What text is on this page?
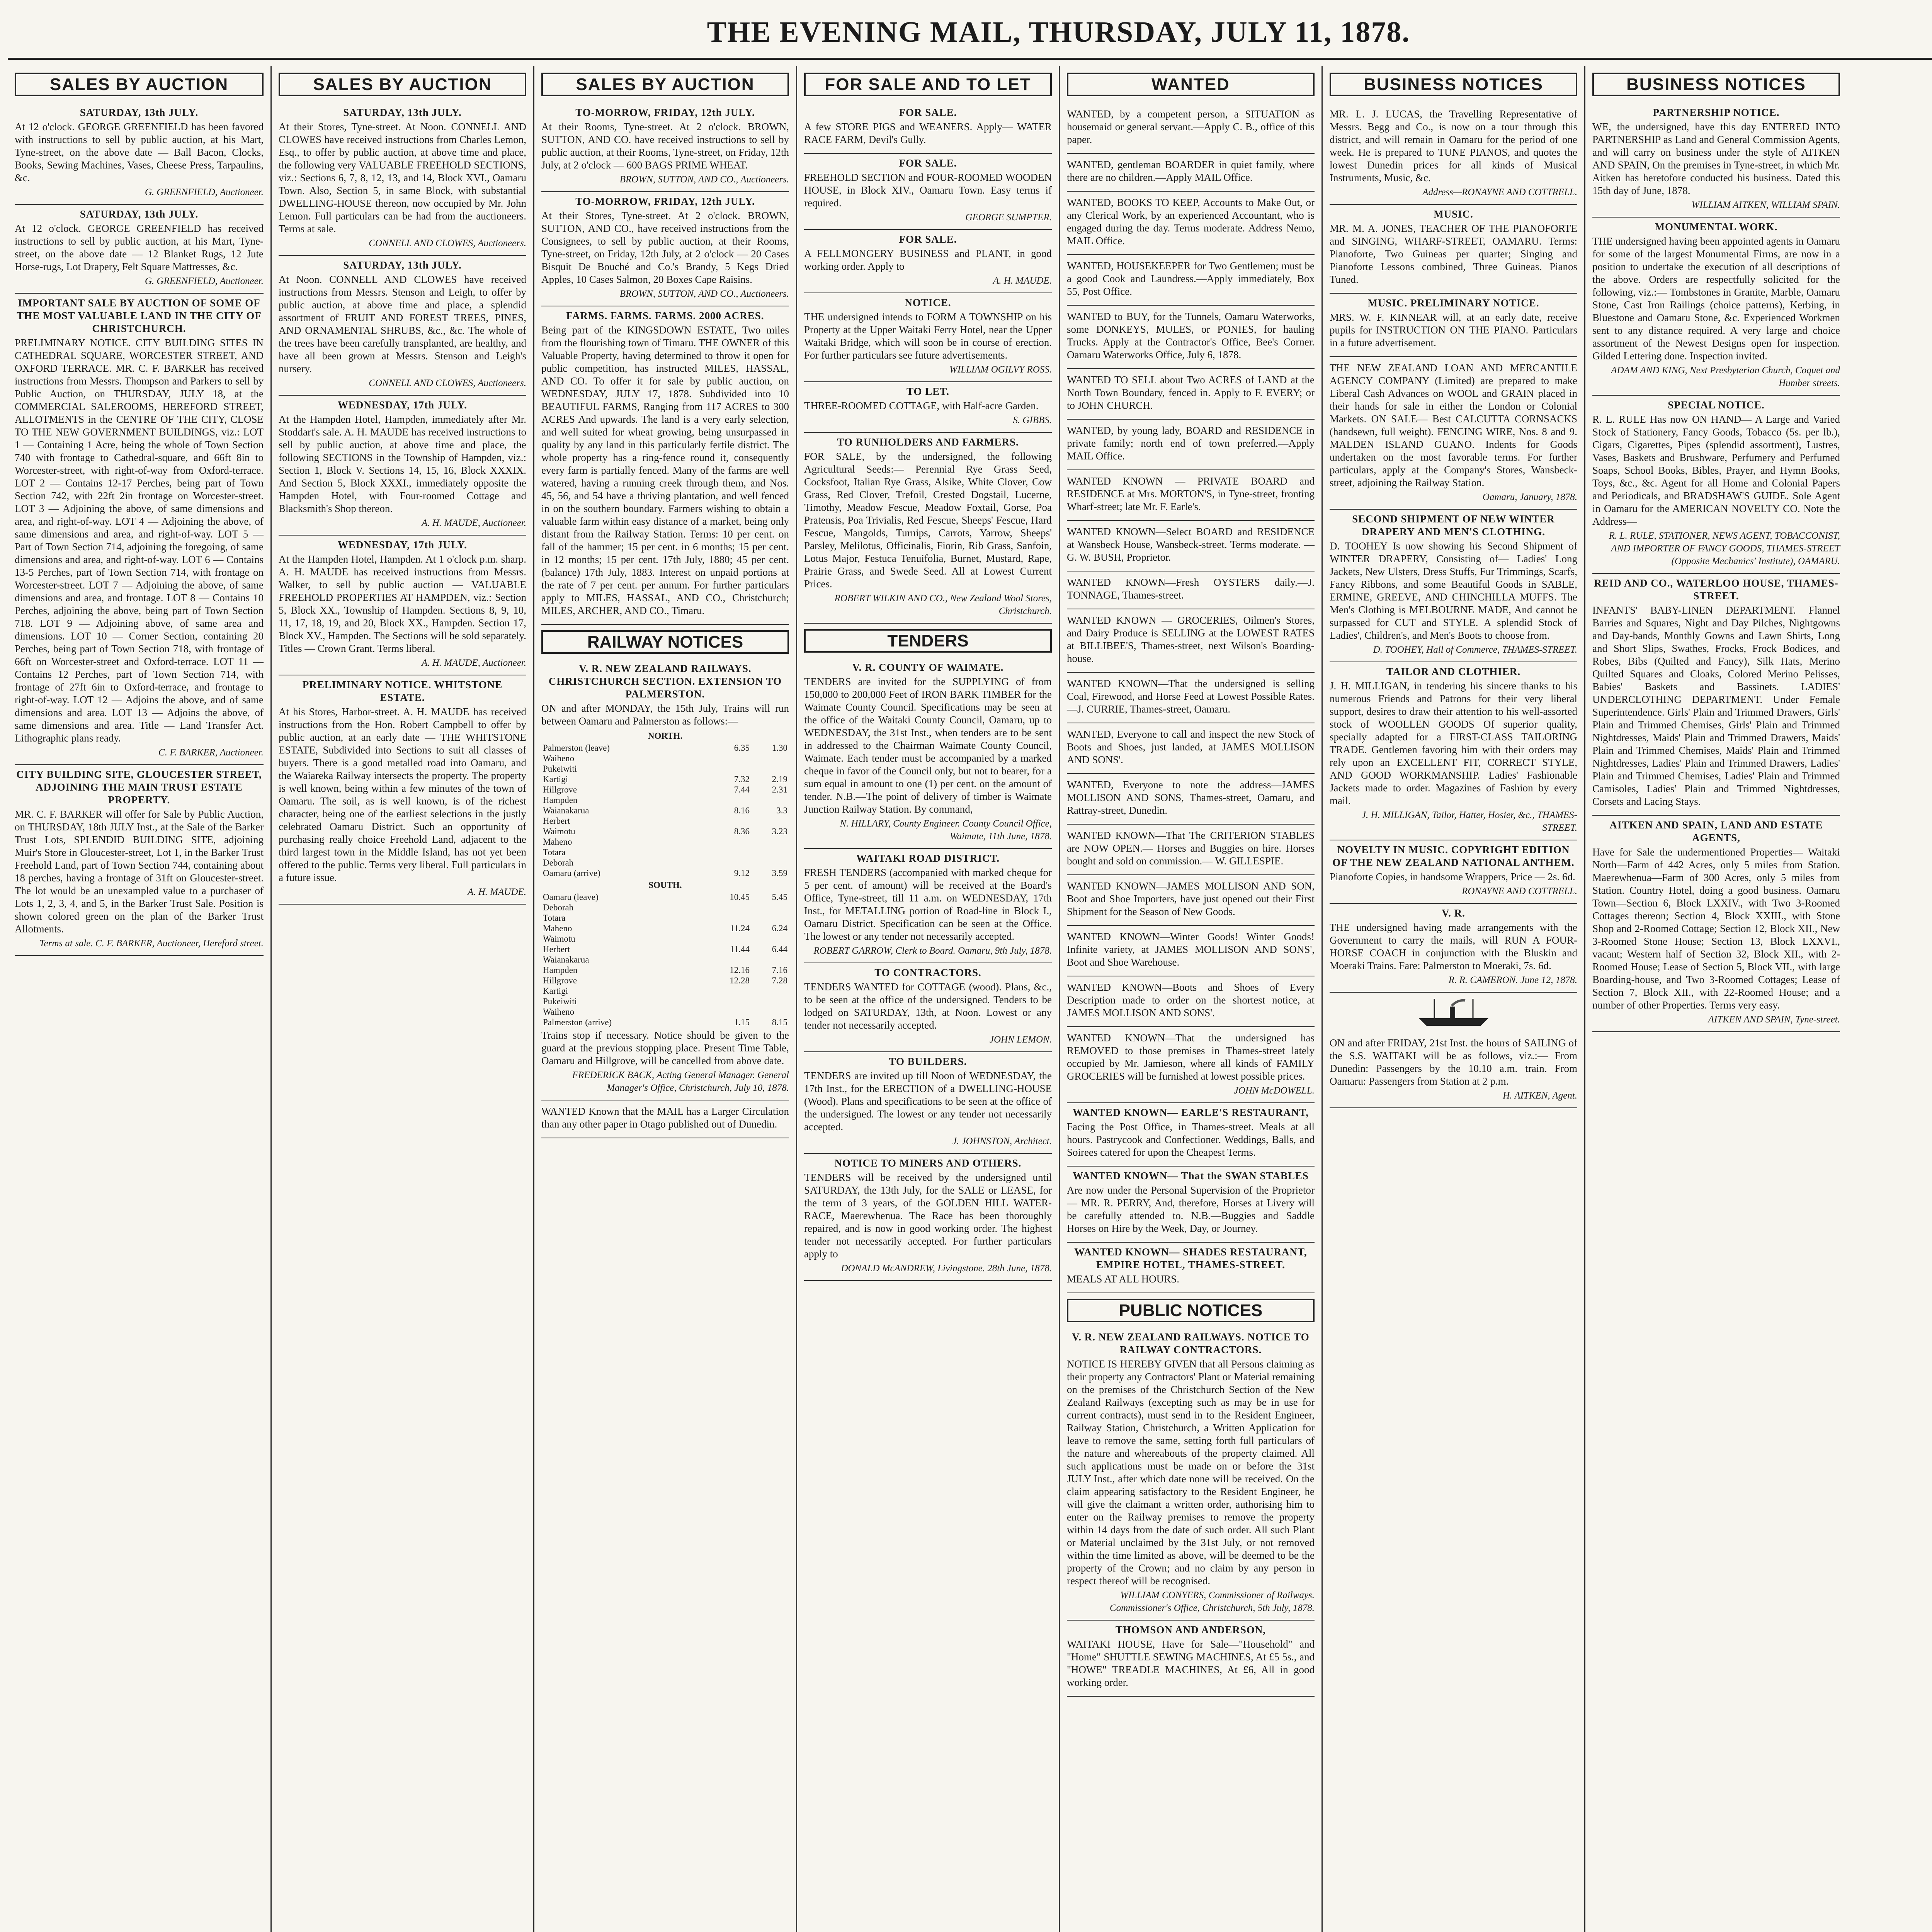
THE EVENING MAIL, THURSDAY, JULY 11, 1878.
SALES BY AUCTION
SATURDAY, 13th JULY.
At 12 o'clock. GEORGE GREENFIELD has been favored with instructions to sell by public auction, at his Mart, Tyne-street, on the above date — Ball Bacon, Clocks, Books, Sewing Machines, Vases, Cheese Press, Tarpaulins, &c.
G. GREENFIELD, Auctioneer.
SATURDAY, 13th JULY.
At 12 o'clock. GEORGE GREENFIELD has received instructions to sell by public auction, at his Mart, Tyne-street, on the above date — 12 Blanket Rugs, 12 Jute Horse-rugs, Lot Drapery, Felt Square Mattresses, &c.
G. GREENFIELD, Auctioneer.
IMPORTANT SALE BY AUCTION OF SOME OF THE MOST VALUABLE LAND IN THE CITY OF CHRISTCHURCH.
PRELIMINARY NOTICE. CITY BUILDING SITES IN CATHEDRAL SQUARE, WORCESTER STREET, AND OXFORD TERRACE. MR. C. F. BARKER has received instructions from Messrs. Thompson and Parkers to sell by Public Auction, on THURSDAY, JULY 18, at the COMMERCIAL SALEROOMS, HEREFORD STREET, ALLOTMENTS in the CENTRE OF THE CITY, CLOSE TO THE NEW GOVERNMENT BUILDINGS, viz.: LOT 1 — Containing 1 Acre, being the whole of Town Section 740 with frontage to Cathedral-square, and 66ft 8in to Worcester-street, with right-of-way from Oxford-terrace. LOT 2 — Contains 12-17 Perches, being part of Town Section 742, with 22ft 2in frontage on Worcester-street. LOT 3 — Adjoining the above, of same dimensions and area, and right-of-way. LOT 4 — Adjoining the above, of same dimensions and area, and right-of-way. LOT 5 — Part of Town Section 714, adjoining the foregoing, of same dimensions and area, and right-of-way. LOT 6 — Contains 13-5 Perches, part of Town Section 714, with frontage on Worcester-street. LOT 7 — Adjoining the above, of same dimensions and area, and frontage. LOT 8 — Contains 10 Perches, adjoining the above, being part of Town Section 718. LOT 9 — Adjoining above, of same area and dimensions. LOT 10 — Corner Section, containing 20 Perches, being part of Town Section 718, with frontage of 66ft on Worcester-street and Oxford-terrace. LOT 11 — Contains 12 Perches, part of Town Section 714, with frontage of 27ft 6in to Oxford-terrace, and frontage to right-of-way. LOT 12 — Adjoins the above, and of same dimensions and area. LOT 13 — Adjoins the above, of same dimensions and area. Title — Land Transfer Act. Lithographic plans ready.
C. F. BARKER, Auctioneer.
CITY BUILDING SITE, GLOUCESTER STREET, ADJOINING THE MAIN TRUST ESTATE PROPERTY.
MR. C. F. BARKER will offer for Sale by Public Auction, on THURSDAY, 18th JULY Inst., at the Sale of the Barker Trust Lots, SPLENDID BUILDING SITE, adjoining Muir's Store in Gloucester-street, Lot 1, in the Barker Trust Freehold Land, part of Town Section 744, containing about 18 perches, having a frontage of 31ft on Gloucester-street. The lot would be an unexampled value to a purchaser of Lots 1, 2, 3, 4, and 5, in the Barker Trust Sale. Position is shown colored green on the plan of the Barker Trust Allotments.
Terms at sale. C. F. BARKER, Auctioneer, Hereford street.
SALES BY AUCTION
SATURDAY, 13th JULY.
At their Stores, Tyne-street. At Noon. CONNELL AND CLOWES have received instructions from Charles Lemon, Esq., to offer by public auction, at above time and place, the following very VALUABLE FREEHOLD SECTIONS, viz.: Sections 6, 7, 8, 12, 13, and 14, Block XVI., Oamaru Town. Also, Section 5, in same Block, with substantial DWELLING-HOUSE thereon, now occupied by Mr. John Lemon. Full particulars can be had from the auctioneers. Terms at sale.
CONNELL AND CLOWES, Auctioneers.
SATURDAY, 13th JULY.
At Noon. CONNELL AND CLOWES have received instructions from Messrs. Stenson and Leigh, to offer by public auction, at above time and place, a splendid assortment of FRUIT AND FOREST TREES, PINES, AND ORNAMENTAL SHRUBS, &c., &c. The whole of the trees have been carefully transplanted, are healthy, and have all been grown at Messrs. Stenson and Leigh's nursery.
CONNELL AND CLOWES, Auctioneers.
WEDNESDAY, 17th JULY.
At the Hampden Hotel, Hampden, immediately after Mr. Stoddart's sale. A. H. MAUDE has received instructions to sell by public auction, at above time and place, the following SECTIONS in the Township of Hampden, viz.: Section 1, Block V. Sections 14, 15, 16, Block XXXIX. And Section 5, Block XXXI., immediately opposite the Hampden Hotel, with Four-roomed Cottage and Blacksmith's Shop thereon.
A. H. MAUDE, Auctioneer.
WEDNESDAY, 17th JULY.
At the Hampden Hotel, Hampden. At 1 o'clock p.m. sharp. A. H. MAUDE has received instructions from Messrs. Walker, to sell by public auction — VALUABLE FREEHOLD PROPERTIES AT HAMPDEN, viz.: Section 5, Block XX., Township of Hampden. Sections 8, 9, 10, 11, 17, 18, 19, and 20, Block XX., Hampden. Section 17, Block XV., Hampden. The Sections will be sold separately. Titles — Crown Grant. Terms liberal.
A. H. MAUDE, Auctioneer.
PRELIMINARY NOTICE. WHITSTONE ESTATE.
At his Stores, Harbor-street. A. H. MAUDE has received instructions from the Hon. Robert Campbell to offer by public auction, at an early date — THE WHITSTONE ESTATE, Subdivided into Sections to suit all classes of buyers. There is a good metalled road into Oamaru, and the Waiareka Railway intersects the property. The property is well known, being within a few minutes of the town of Oamaru. The soil, as is well known, is of the richest character, being one of the earliest selections in the justly celebrated Oamaru District. Such an opportunity of purchasing really choice Freehold Land, adjacent to the third largest town in the Middle Island, has not yet been offered to the public. Terms very liberal. Full particulars in a future issue.
A. H. MAUDE.
SALES BY AUCTION
TO-MORROW, FRIDAY, 12th JULY.
At their Rooms, Tyne-street. At 2 o'clock. BROWN, SUTTON, AND CO. have received instructions to sell by public auction, at their Rooms, Tyne-street, on Friday, 12th July, at 2 o'clock — 600 BAGS PRIME WHEAT.
BROWN, SUTTON, AND CO., Auctioneers.
TO-MORROW, FRIDAY, 12th JULY.
At their Stores, Tyne-street. At 2 o'clock. BROWN, SUTTON, AND CO., have received instructions from the Consignees, to sell by public auction, at their Rooms, Tyne-street, on Friday, 12th July, at 2 o'clock — 20 Cases Bisquit De Bouché and Co.'s Brandy, 5 Kegs Dried Apples, 10 Cases Salmon, 20 Boxes Cape Raisins.
BROWN, SUTTON, AND CO., Auctioneers.
FARMS. FARMS. FARMS. 2000 ACRES.
Being part of the KINGSDOWN ESTATE, Two miles from the flourishing town of Timaru. THE OWNER of this Valuable Property, having determined to throw it open for public competition, has instructed MILES, HASSAL, AND CO. To offer it for sale by public auction, on WEDNESDAY, JULY 17, 1878. Subdivided into 10 BEAUTIFUL FARMS, Ranging from 117 ACRES to 300 ACRES And upwards. The land is a very early selection, and well suited for wheat growing, being unsurpassed in quality by any land in this particularly fertile district. The whole property has a ring-fence round it, consequently every farm is partially fenced. Many of the farms are well watered, having a running creek through them, and Nos. 45, 56, and 54 have a thriving plantation, and well fenced in on the southern boundary. Farmers wishing to obtain a valuable farm within easy distance of a market, being only distant from the Railway Station. Terms: 10 per cent. on fall of the hammer; 15 per cent. in 6 months; 15 per cent. in 12 months; 15 per cent. 17th July, 1880; 45 per cent. (balance) 17th July, 1883. Interest on unpaid portions at the rate of 7 per cent. per annum. For further particulars apply to MILES, HASSAL, AND CO., Christchurch; MILES, ARCHER, AND CO., Timaru.
RAILWAY NOTICES
V. R. NEW ZEALAND RAILWAYS. CHRISTCHURCH SECTION. EXTENSION TO PALMERSTON.
ON and after MONDAY, the 15th July, Trains will run between Oamaru and Palmerston as follows:—
NORTH.		
Palmerston (leave)	6.35	1.30
Waiheno		
Pukeiwiti		
Kartigi	7.32	2.19
Hillgrove	7.44	2.31
Hampden		
Waianakarua	8.16	3.3
Herbert		
Waimotu	8.36	3.23
Maheno		
Totara		
Deborah		
Oamaru (arrive)	9.12	3.59
SOUTH.		
Oamaru (leave)	10.45	5.45
Deborah		
Totara		
Maheno	11.24	6.24
Waimotu		
Herbert	11.44	6.44
Waianakarua		
Hampden	12.16	7.16
Hillgrove	12.28	7.28
Kartigi		
Pukeiwiti		
Waiheno		
Palmerston (arrive)	1.15	8.15
Trains stop if necessary. Notice should be given to the guard at the previous stopping place. Present Time Table, Oamaru and Hillgrove, will be cancelled from above date.
FREDERICK BACK, Acting General Manager. General Manager's Office, Christchurch, July 10, 1878.
WANTED Known that the MAIL has a Larger Circulation than any other paper in Otago published out of Dunedin.
FOR SALE AND TO LET
FOR SALE.
A few STORE PIGS and WEANERS. Apply— WATER RACE FARM, Devil's Gully.
FOR SALE.
FREEHOLD SECTION and FOUR-ROOMED WOODEN HOUSE, in Block XIV., Oamaru Town. Easy terms if required.
GEORGE SUMPTER.
FOR SALE.
A FELLMONGERY BUSINESS and PLANT, in good working order. Apply to
A. H. MAUDE.
NOTICE.
THE undersigned intends to FORM A TOWNSHIP on his Property at the Upper Waitaki Ferry Hotel, near the Upper Waitaki Bridge, which will soon be in course of erection. For further particulars see future advertisements.
WILLIAM OGILVY ROSS.
TO LET.
THREE-ROOMED COTTAGE, with Half-acre Garden.
S. GIBBS.
TO RUNHOLDERS AND FARMERS.
FOR SALE, by the undersigned, the following Agricultural Seeds:— Perennial Rye Grass Seed, Cocksfoot, Italian Rye Grass, Alsike, White Clover, Cow Grass, Red Clover, Trefoil, Crested Dogstail, Lucerne, Timothy, Meadow Fescue, Meadow Foxtail, Gorse, Poa Pratensis, Poa Trivialis, Red Fescue, Sheeps' Fescue, Hard Fescue, Mangolds, Turnips, Carrots, Yarrow, Sheeps' Parsley, Melilotus, Officinalis, Fiorin, Rib Grass, Sanfoin, Lotus Major, Festuca Tenuifolia, Burnet, Mustard, Rape, Prairie Grass, and Swede Seed. All at Lowest Current Prices.
ROBERT WILKIN AND CO., New Zealand Wool Stores, Christchurch.
TENDERS
V. R. COUNTY OF WAIMATE.
TENDERS are invited for the SUPPLYING of from 150,000 to 200,000 Feet of IRON BARK TIMBER for the Waimate County Council. Specifications may be seen at the office of the Waitaki County Council, Oamaru, up to WEDNESDAY, the 31st Inst., when tenders are to be sent in addressed to the Chairman Waimate County Council, Waimate. Each tender must be accompanied by a marked cheque in favor of the Council only, but not to bearer, for a sum equal in amount to one (1) per cent. on the amount of tender. N.B.—The point of delivery of timber is Waimate Junction Railway Station. By command,
N. HILLARY, County Engineer. County Council Office, Waimate, 11th June, 1878.
WAITAKI ROAD DISTRICT.
FRESH TENDERS (accompanied with marked cheque for 5 per cent. of amount) will be received at the Board's Office, Tyne-street, till 11 a.m. on WEDNESDAY, 17th Inst., for METALLING portion of Road-line in Block I., Oamaru District. Specification can be seen at the Office. The lowest or any tender not necessarily accepted.
ROBERT GARROW, Clerk to Board. Oamaru, 9th July, 1878.
TO CONTRACTORS.
TENDERS WANTED for COTTAGE (wood). Plans, &c., to be seen at the office of the undersigned. Tenders to be lodged on SATURDAY, 13th, at Noon. Lowest or any tender not necessarily accepted.
JOHN LEMON.
TO BUILDERS.
TENDERS are invited up till Noon of WEDNESDAY, the 17th Inst., for the ERECTION of a DWELLING-HOUSE (Wood). Plans and specifications to be seen at the office of the undersigned. The lowest or any tender not necessarily accepted.
J. JOHNSTON, Architect.
NOTICE TO MINERS AND OTHERS.
TENDERS will be received by the undersigned until SATURDAY, the 13th July, for the SALE or LEASE, for the term of 3 years, of the GOLDEN HILL WATER-RACE, Maerewhenua. The Race has been thoroughly repaired, and is now in good working order. The highest tender not necessarily accepted. For further particulars apply to
DONALD McANDREW, Livingstone. 28th June, 1878.
WANTED
WANTED, by a competent person, a SITUATION as housemaid or general servant.—Apply C. B., office of this paper.
WANTED, gentleman BOARDER in quiet family, where there are no children.—Apply MAIL Office.
WANTED, BOOKS TO KEEP, Accounts to Make Out, or any Clerical Work, by an experienced Accountant, who is engaged during the day. Terms moderate. Address Nemo, MAIL Office.
WANTED, HOUSEKEEPER for Two Gentlemen; must be a good Cook and Laundress.—Apply immediately, Box 55, Post Office.
WANTED to BUY, for the Tunnels, Oamaru Waterworks, some DONKEYS, MULES, or PONIES, for hauling Trucks. Apply at the Contractor's Office, Bee's Corner. Oamaru Waterworks Office, July 6, 1878.
WANTED TO SELL about Two ACRES of LAND at the North Town Boundary, fenced in. Apply to F. EVERY; or to JOHN CHURCH.
WANTED, by young lady, BOARD and RESIDENCE in private family; north end of town preferred.—Apply MAIL Office.
WANTED KNOWN — PRIVATE BOARD and RESIDENCE at Mrs. MORTON'S, in Tyne-street, fronting Wharf-street; late Mr. F. Earle's.
WANTED KNOWN—Select BOARD and RESIDENCE at Wansbeck House, Wansbeck-street. Terms moderate. —G. W. BUSH, Proprietor.
WANTED KNOWN—Fresh OYSTERS daily.—J. TONNAGE, Thames-street.
WANTED KNOWN — GROCERIES, Oilmen's Stores, and Dairy Produce is SELLING at the LOWEST RATES at BILLIBEE'S, Thames-street, next Wilson's Boarding-house.
WANTED KNOWN—That the undersigned is selling Coal, Firewood, and Horse Feed at Lowest Possible Rates.—J. CURRIE, Thames-street, Oamaru.
WANTED, Everyone to call and inspect the new Stock of Boots and Shoes, just landed, at JAMES MOLLISON AND SONS'.
WANTED, Everyone to note the address—JAMES MOLLISON AND SONS, Thames-street, Oamaru, and Rattray-street, Dunedin.
WANTED KNOWN—That The CRITERION STABLES are NOW OPEN.— Horses and Buggies on hire. Horses bought and sold on commission.— W. GILLESPIE.
WANTED KNOWN—JAMES MOLLISON AND SON, Boot and Shoe Importers, have just opened out their First Shipment for the Season of New Goods.
WANTED KNOWN—Winter Goods! Winter Goods! Infinite variety, at JAMES MOLLISON AND SONS', Boot and Shoe Warehouse.
WANTED KNOWN—Boots and Shoes of Every Description made to order on the shortest notice, at JAMES MOLLISON AND SONS'.
WANTED KNOWN—That the undersigned has REMOVED to those premises in Thames-street lately occupied by Mr. Jamieson, where all kinds of FAMILY GROCERIES will be furnished at lowest possible prices.
JOHN McDOWELL.
WANTED KNOWN— EARLE'S RESTAURANT,
Facing the Post Office, in Thames-street. Meals at all hours. Pastrycook and Confectioner. Weddings, Balls, and Soirees catered for upon the Cheapest Terms.
WANTED KNOWN— That the SWAN STABLES
Are now under the Personal Supervision of the Proprietor— MR. R. PERRY, And, therefore, Horses at Livery will be carefully attended to. N.B.—Buggies and Saddle Horses on Hire by the Week, Day, or Journey.
WANTED KNOWN— SHADES RESTAURANT, EMPIRE HOTEL, THAMES-STREET.
MEALS AT ALL HOURS.
PUBLIC NOTICES
V. R. NEW ZEALAND RAILWAYS. NOTICE TO RAILWAY CONTRACTORS.
NOTICE IS HEREBY GIVEN that all Persons claiming as their property any Contractors' Plant or Material remaining on the premises of the Christchurch Section of the New Zealand Railways (excepting such as may be in use for current contracts), must send in to the Resident Engineer, Railway Station, Christchurch, a Written Application for leave to remove the same, setting forth full particulars of the nature and whereabouts of the property claimed. All such applications must be made on or before the 31st JULY Inst., after which date none will be received. On the claim appearing satisfactory to the Resident Engineer, he will give the claimant a written order, authorising him to enter on the Railway premises to remove the property within 14 days from the date of such order. All such Plant or Material unclaimed by the 31st July, or not removed within the time limited as above, will be deemed to be the property of the Crown; and no claim by any person in respect thereof will be recognised.
WILLIAM CONYERS, Commissioner of Railways. Commissioner's Office, Christchurch, 5th July, 1878.
THOMSON AND ANDERSON,
WAITAKI HOUSE, Have for Sale—"Household" and "Home" SHUTTLE SEWING MACHINES, At £5 5s., and "HOWE" TREADLE MACHINES, At £6, All in good working order.
BUSINESS NOTICES
MR. L. J. LUCAS, the Travelling Representative of Messrs. Begg and Co., is now on a tour through this district, and will remain in Oamaru for the period of one week. He is prepared to TUNE PIANOS, and quotes the lowest Dunedin prices for all kinds of Musical Instruments, Music, &c.
Address—RONAYNE AND COTTRELL.
MUSIC.
MR. M. A. JONES, TEACHER OF THE PIANOFORTE and SINGING, WHARF-STREET, OAMARU. Terms: Pianoforte, Two Guineas per quarter; Singing and Pianoforte Lessons combined, Three Guineas. Pianos Tuned.
MUSIC. PRELIMINARY NOTICE.
MRS. W. F. KINNEAR will, at an early date, receive pupils for INSTRUCTION ON THE PIANO. Particulars in a future advertisement.
THE NEW ZEALAND LOAN AND MERCANTILE AGENCY COMPANY (Limited) are prepared to make Liberal Cash Advances on WOOL and GRAIN placed in their hands for sale in either the London or Colonial Markets. ON SALE— Best CALCUTTA CORNSACKS (handsewn, full weight). FENCING WIRE, Nos. 8 and 9. MALDEN ISLAND GUANO. Indents for Goods undertaken on the most favorable terms. For further particulars, apply at the Company's Stores, Wansbeck-street, adjoining the Railway Station.
Oamaru, January, 1878.
SECOND SHIPMENT OF NEW WINTER DRAPERY AND MEN'S CLOTHING.
D. TOOHEY Is now showing his Second Shipment of WINTER DRAPERY, Consisting of— Ladies' Long Jackets, New Ulsters, Dress Stuffs, Fur Trimmings, Scarfs, Fancy Ribbons, and some Beautiful Goods in SABLE, ERMINE, GREEVE, AND CHINCHILLA MUFFS. The Men's Clothing is MELBOURNE MADE, And cannot be surpassed for CUT and STYLE. A splendid Stock of Ladies', Children's, and Men's Boots to choose from.
D. TOOHEY, Hall of Commerce, THAMES-STREET.
TAILOR AND CLOTHIER.
J. H. MILLIGAN, in tendering his sincere thanks to his numerous Friends and Patrons for their very liberal support, desires to draw their attention to his well-assorted stock of WOOLLEN GOODS Of superior quality, specially adapted for a FIRST-CLASS TAILORING TRADE. Gentlemen favoring him with their orders may rely upon an EXCELLENT FIT, CORRECT STYLE, AND GOOD WORKMANSHIP. Ladies' Fashionable Jackets made to order. Magazines of Fashion by every mail.
J. H. MILLIGAN, Tailor, Hatter, Hosier, &c., THAMES-STREET.
NOVELTY IN MUSIC. COPYRIGHT EDITION OF THE NEW ZEALAND NATIONAL ANTHEM.
Pianoforte Copies, in handsome Wrappers, Price — 2s. 6d.
RONAYNE AND COTTRELL.
V. R.
THE undersigned having made arrangements with the Government to carry the mails, will RUN A FOUR-HORSE COACH in conjunction with the Bluskin and Moeraki Trains. Fare: Palmerston to Moeraki, 7s. 6d.
R. R. CAMERON. June 12, 1878.
ON and after FRIDAY, 21st Inst. the hours of SAILING of the S.S. WAITAKI will be as follows, viz.:— From Dunedin: Passengers by the 10.10 a.m. train. From Oamaru: Passengers from Station at 2 p.m.
H. AITKEN, Agent.
BUSINESS NOTICES
PARTNERSHIP NOTICE.
WE, the undersigned, have this day ENTERED INTO PARTNERSHIP as Land and General Commission Agents, and will carry on business under the style of AITKEN AND SPAIN, On the premises in Tyne-street, in which Mr. Aitken has heretofore conducted his business. Dated this 15th day of June, 1878.
WILLIAM AITKEN, WILLIAM SPAIN.
MONUMENTAL WORK.
THE undersigned having been appointed agents in Oamaru for some of the largest Monumental Firms, are now in a position to undertake the execution of all descriptions of the above. Orders are respectfully solicited for the following, viz.:— Tombstones in Granite, Marble, Oamaru Stone, Cast Iron Railings (choice patterns), Kerbing, in Bluestone and Oamaru Stone, &c. Experienced Workmen sent to any distance required. A very large and choice assortment of the Newest Designs open for inspection. Gilded Lettering done. Inspection invited.
ADAM AND KING, Next Presbyterian Church, Coquet and Humber streets.
SPECIAL NOTICE.
R. L. RULE Has now ON HAND— A Large and Varied Stock of Stationery, Fancy Goods, Tobacco (5s. per lb.), Cigars, Cigarettes, Pipes (splendid assortment), Lustres, Vases, Baskets and Brushware, Perfumery and Perfumed Soaps, School Books, Bibles, Prayer, and Hymn Books, Toys, &c., &c. Agent for all Home and Colonial Papers and Periodicals, and BRADSHAW'S GUIDE. Sole Agent in Oamaru for the AMERICAN NOVELTY CO. Note the Address—
R. L. RULE, STATIONER, NEWS AGENT, TOBACCONIST, AND IMPORTER OF FANCY GOODS, THAMES-STREET (Opposite Mechanics' Institute), OAMARU.
REID AND CO., WATERLOO HOUSE, THAMES-STREET.
INFANTS' BABY-LINEN DEPARTMENT. Flannel Barries and Squares, Night and Day Pilches, Nightgowns and Day-bands, Monthly Gowns and Lawn Shirts, Long and Short Slips, Swathes, Frocks, Frock Bodices, and Robes, Bibs (Quilted and Fancy), Silk Hats, Merino Quilted Squares and Cloaks, Colored Merino Pelisses, Babies' Baskets and Bassinets. LADIES' UNDERCLOTHING DEPARTMENT. Under Female Superintendence. Girls' Plain and Trimmed Drawers, Girls' Plain and Trimmed Chemises, Girls' Plain and Trimmed Nightdresses, Maids' Plain and Trimmed Drawers, Maids' Plain and Trimmed Chemises, Maids' Plain and Trimmed Nightdresses, Ladies' Plain and Trimmed Drawers, Ladies' Plain and Trimmed Chemises, Ladies' Plain and Trimmed Camisoles, Ladies' Plain and Trimmed Nightdresses, Corsets and Lacing Stays.
AITKEN AND SPAIN, LAND AND ESTATE AGENTS,
Have for Sale the undermentioned Properties— Waitaki North—Farm of 442 Acres, only 5 miles from Station. Maerewhenua—Farm of 300 Acres, only 5 miles from Station. Country Hotel, doing a good business. Oamaru Town—Section 6, Block LXXIV., with Two 3-Roomed Cottages thereon; Section 4, Block XXIII., with Stone Shop and 2-Roomed Cottage; Section 12, Block XII., New 3-Roomed Stone House; Section 13, Block LXXVI., vacant; Western half of Section 32, Block XII., with 2-Roomed House; Lease of Section 5, Block VII., with large Boarding-house, and Two 3-Roomed Cottages; Lease of Section 7, Block XII., with 22-Roomed House; and a number of other Properties. Terms very easy.
AITKEN AND SPAIN, Tyne-street.
